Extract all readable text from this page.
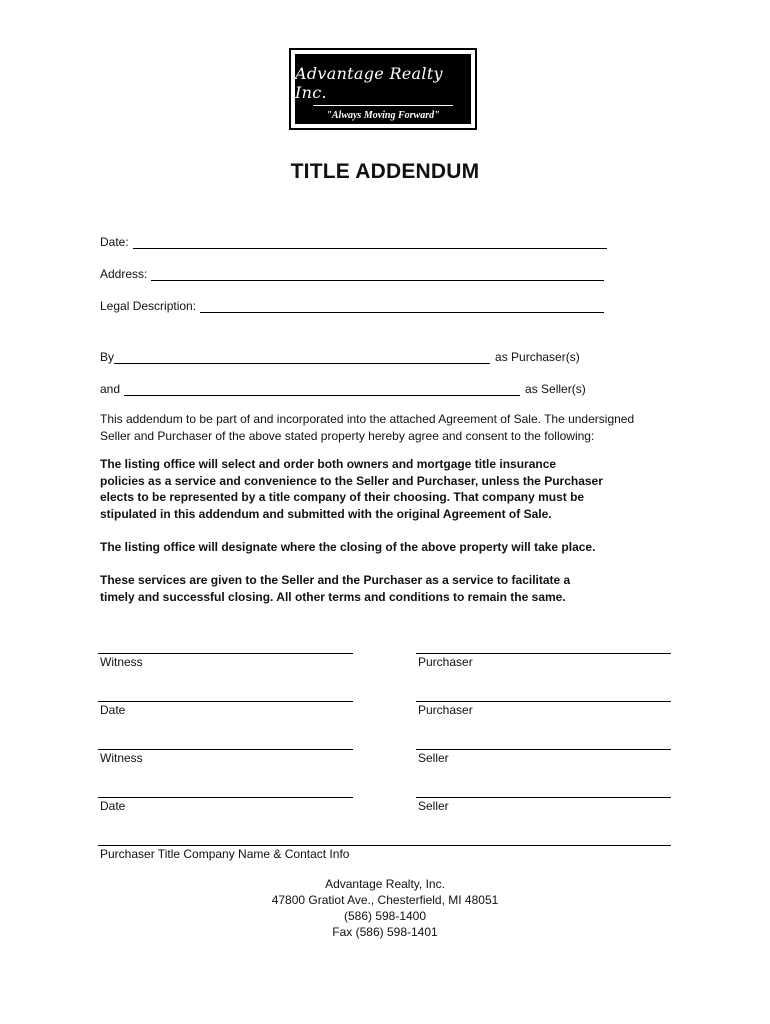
Advantage Realty Inc.
"Always Moving Forward"
TITLE ADDENDUM
Date:
Address:
Legal Description:
By	as Purchaser(s)
and	as Seller(s)
This addendum to be part of and incorporated into the attached Agreement of Sale. The undersigned
Seller and Purchaser of the above stated property hereby agree and consent to the following:
The listing office will select and order both owners and mortgage title insurance
policies as a service and convenience to the Seller and Purchaser, unless the Purchaser
elects to be represented by a title company of their choosing. That company must be
stipulated in this addendum and submitted with the original Agreement of Sale.
The listing office will designate where the closing of the above property will take place.
These services are given to the Seller and the Purchaser as a service to facilitate a
timely and successful closing. All other terms and conditions to remain the same.
Witness	Purchaser
Date	Purchaser
Witness	Seller
Date	Seller
Purchaser Title Company Name & Contact Info
Advantage Realty, Inc.
47800 Gratiot Ave., Chesterfield, MI 48051
(586) 598-1400
Fax (586) 598-1401
